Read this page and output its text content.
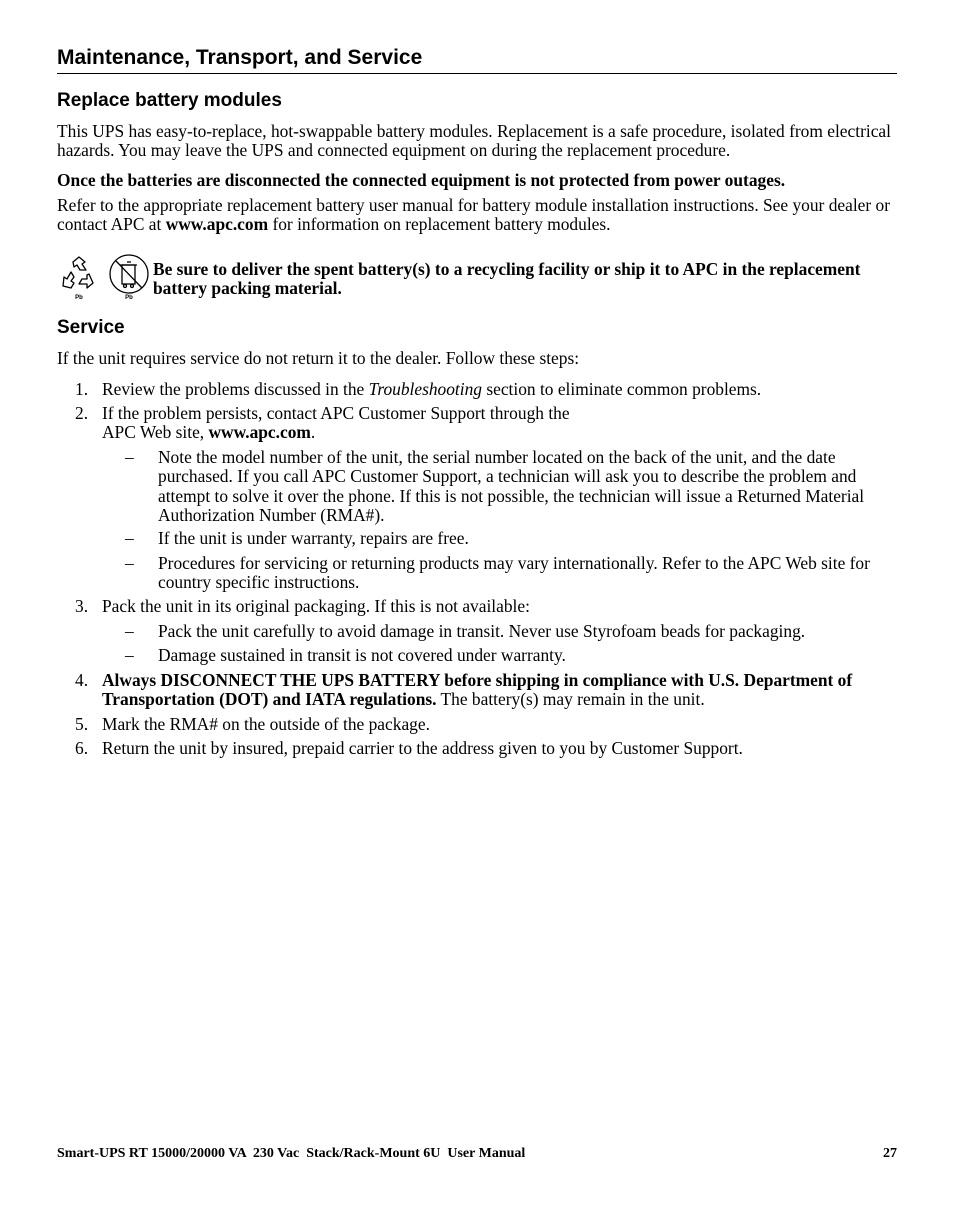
Maintenance, Transport, and Service
Replace battery modules

This UPS has easy-to-replace, hot-swappable battery modules. Replacement is a safe procedure, isolated from electrical hazards. You may leave the UPS and connected equipment on during the replacement procedure.

Once the batteries are disconnected the connected equipment is not protected from power outages.

Refer to the appropriate replacement battery user manual for battery module installation instructions. See your dealer or contact APC at www.apc.com for information on replacement battery modules.

Pb	Pb
Be sure to deliver the spent battery(s) to a recycling facility or ship it to APC in the replacement battery packing material.
Service

If the unit requires service do not return it to the dealer. Follow these steps:

1. Review the problems discussed in the Troubleshooting section to eliminate common problems.
2. If the problem persists, contact APC Customer Support through the
APC Web site, www.apc.com.
– Note the model number of the unit, the serial number located on the back of the unit, and the date purchased. If you call APC Customer Support, a technician will ask you to describe the problem and attempt to solve it over the phone. If this is not possible, the technician will issue a Returned Material Authorization Number (RMA#).
– If the unit is under warranty, repairs are free.
– Procedures for servicing or returning products may vary internationally. Refer to the APC Web site for country specific instructions.
3. Pack the unit in its original packaging. If this is not available:
– Pack the unit carefully to avoid damage in transit. Never use Styrofoam beads for packaging.
– Damage sustained in transit is not covered under warranty.
4. Always DISCONNECT THE UPS BATTERY before shipping in compliance with U.S. Department of Transportation (DOT) and IATA regulations. The battery(s) may remain in the unit.
5. Mark the RMA# on the outside of the package.
6. Return the unit by insured, prepaid carrier to the address given to you by Customer Support.
Smart-UPS RT 15000/20000 VA  230 Vac  Stack/Rack-Mount 6U  User Manual	27
